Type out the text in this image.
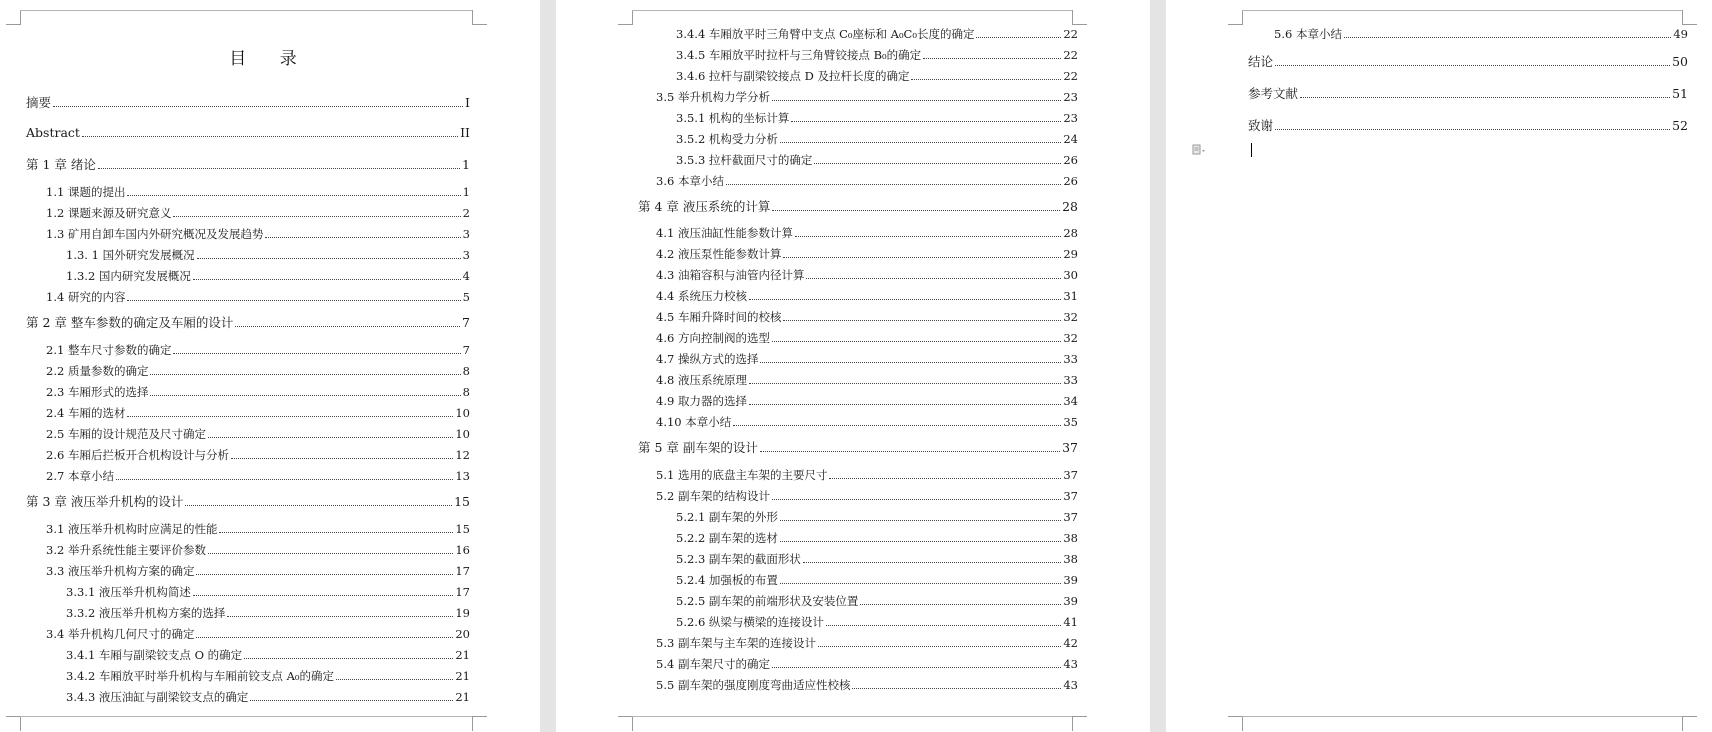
目 录
摘要	I
Abstract	II
第 1 章 绪论	1
1.1 课题的提出	1
1.2 课题来源及研究意义	2
1.3 矿用自卸车国内外研究概况及发展趋势	3
1.3. 1 国外研究发展概况	3
1.3.2 国内研究发展概况	4
1.4 研究的内容	5
第 2 章 整车参数的确定及车厢的设计	7
2.1 整车尺寸参数的确定	7
2.2 质量参数的确定	8
2.3 车厢形式的选择	8
2.4 车厢的选材	10
2.5 车厢的设计规范及尺寸确定	10
2.6 车厢后拦板开合机构设计与分析	12
2.7 本章小结	13
第 3 章 液压举升机构的设计	15
3.1 液压举升机构时应满足的性能	15
3.2 举升系统性能主要评价参数	16
3.3 液压举升机构方案的确定	17
3.3.1 液压举升机构简述	17
3.3.2 液压举升机构方案的选择	19
3.4 举升机构几何尺寸的确定	20
3.4.1 车厢与副梁铰支点 O 的确定	21
3.4.2 车厢放平时举升机构与车厢前铰支点 A₀的确定	21
3.4.3 液压油缸与副梁铰支点的确定	21
3.4.4 车厢放平时三角臂中支点 C₀座标和 A₀C₀长度的确定	22
3.4.5 车厢放平时拉杆与三角臂铰接点 B₀的确定	22
3.4.6 拉杆与副梁铰接点 D 及拉杆长度的确定	22
3.5 举升机构力学分析	23
3.5.1 机构的坐标计算	23
3.5.2 机构受力分析	24
3.5.3 拉杆截面尺寸的确定	26
3.6 本章小结	26
第 4 章 液压系统的计算	28
4.1 液压油缸性能参数计算	28
4.2 液压泵性能参数计算	29
4.3 油箱容积与油管内径计算	30
4.4 系统压力校核	31
4.5 车厢升降时间的校核	32
4.6 方向控制阀的选型	32
4.7 操纵方式的选择	33
4.8 液压系统原理	33
4.9 取力器的选择	34
4.10 本章小结	35
第 5 章 副车架的设计	37
5.1 选用的底盘主车架的主要尺寸	37
5.2 副车架的结构设计	37
5.2.1 副车架的外形	37
5.2.2 副车架的选材	38
5.2.3 副车架的截面形状	38
5.2.4 加强板的布置	39
5.2.5 副车架的前端形状及安装位置	39
5.2.6 纵梁与横梁的连接设计	41
5.3 副车架与主车架的连接设计	42
5.4 副车架尺寸的确定	43
5.5 副车架的强度刚度弯曲适应性校核	43
5.6 本章小结	49
结论	50
参考文献	51
致谢	52
